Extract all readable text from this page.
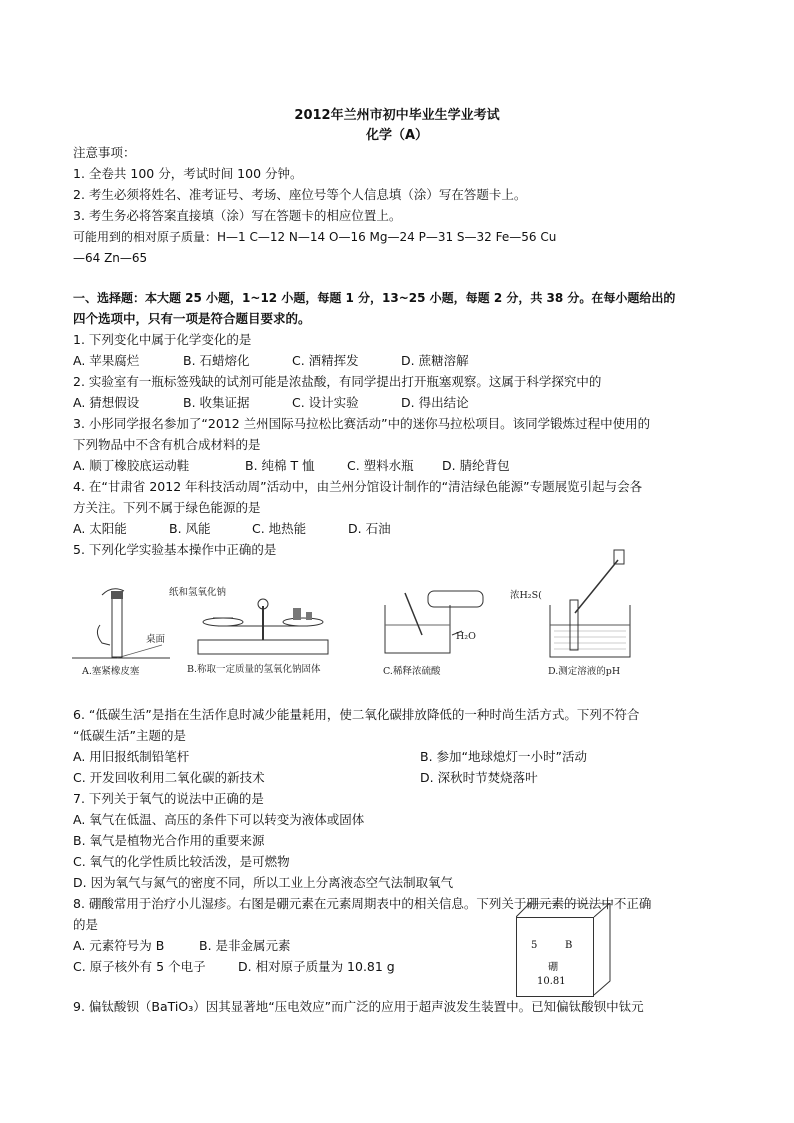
2012年兰州市初中毕业生学业考试
化学（A）
注意事项：
1. 全卷共 100 分，考试时间 100 分钟。
2. 考生必须将姓名、准考证号、考场、座位号等个人信息填（涂）写在答题卡上。
3. 考生务必将答案直接填（涂）写在答题卡的相应位置上。
可能用到的相对原子质量：H—1 C—12 N—14 O—16 Mg—24 P—31 S—32 Fe—56 Cu
—64 Zn—65
一、选择题：本大题 25 小题，1~12 小题，每题 1 分，13~25 小题，每题 2 分，共 38 分。在每小题给出的
四个选项中，只有一项是符合题目要求的。
1. 下列变化中属于化学变化的是
A. 苹果腐烂	B. 石蜡熔化	C. 酒精挥发	D. 蔗糖溶解
2. 实验室有一瓶标签残缺的试剂可能是浓盐酸，有同学提出打开瓶塞观察。这属于科学探究中的
A. 猜想假设	B. 收集证据	C. 设计实验	D. 得出结论
3. 小彤同学报名参加了“2012 兰州国际马拉松比赛活动”中的迷你马拉松项目。该同学锻炼过程中使用的
下列物品中不含有机合成材料的是
A. 顺丁橡胶底运动鞋	B. 纯棉 T 恤	C. 塑料水瓶 D. 腈纶背包
4. 在“甘肃省 2012 年科技活动周”活动中，由兰州分馆设计制作的“清洁绿色能源”专题展览引起与会各
方关注。下列不属于绿色能源的是
A. 太阳能	B. 风能	C. 地热能	D. 石油
5. 下列化学实验基本操作中正确的是
桌面
A.塞紧橡皮塞
纸和氢氧化钠
B.称取一定质量的氢氧化钠固体
浓H₂S(
H₂O
C.稀释浓硫酸	D.测定溶液的pH
6. “低碳生活”是指在生活作息时减少能量耗用，使二氧化碳排放降低的一种时尚生活方式。下列不符合
“低碳生活”主题的是
A. 用旧报纸制铅笔杆	B. 参加“地球熄灯一小时”活动
C. 开发回收利用二氧化碳的新技术	D. 深秋时节焚烧落叶
7. 下列关于氧气的说法中正确的是
A. 氧气在低温、高压的条件下可以转变为液体或固体
B. 氧气是植物光合作用的重要来源
C. 氧气的化学性质比较活泼，是可燃物
D. 因为氧气与氮气的密度不同，所以工业上分离液态空气法制取氧气
8. 硼酸常用于治疗小儿湿疹。右图是硼元素在元素周期表中的相关信息。下列关于硼元素的说法中不正确
的是
A. 元素符号为 B	B. 是非金属元素
C. 原子核外有 5 个电子	D. 相对原子质量为 10.81 g
5	B
硼
10.81
9. 偏钛酸钡（BaTiO₃）因其显著地“压电效应”而广泛的应用于超声波发生装置中。已知偏钛酸钡中钛元
